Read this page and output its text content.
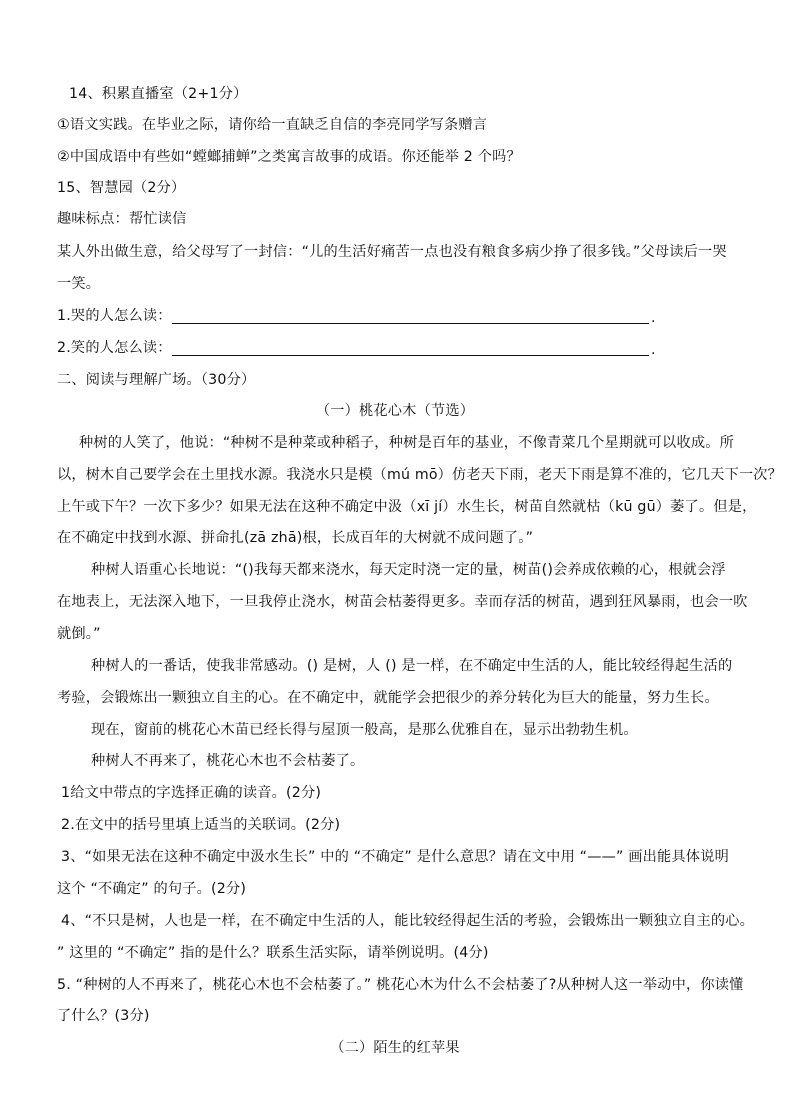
14、积累直播室（2+1分）
①语文实践。在毕业之际，请你给一直缺乏自信的李亮同学写条赠言
②中国成语中有些如“螳螂捕蝉”之类寓言故事的成语。你还能举 2 个吗？
15、智慧园（2分）
趣味标点：帮忙读信
某人外出做生意，给父母写了一封信：“儿的生活好痛苦一点也没有粮食多病少挣了很多钱。”父母读后一哭
一笑。
1.哭的人怎么读：	.
2.笑的人怎么读：	.
二、阅读与理解广场。（30分）
（一）桃花心木（节选）
种树的人笑了，他说：“种树不是种菜或种稻子，种树是百年的基业，不像青菜几个星期就可以收成。所
以，树木自己要学会在土里找水源。我浇水只是模（mú mō）仿老天下雨，老天下雨是算不准的，它几天下一次？
上午或下午？一次下多少？如果无法在这种不确定中汲（xī jí）水生长，树苗自然就枯（kū gū）萎了。但是，
在不确定中找到水源、拼命扎(zā zhā)根，长成百年的大树就不成问题了。”
种树人语重心长地说：“()我每天都来浇水，每天定时浇一定的量，树苗()会养成依赖的心，根就会浮
在地表上，无法深入地下，一旦我停止浇水，树苗会枯萎得更多。幸而存活的树苗，遇到狂风暴雨，也会一吹
就倒。”
种树人的一番话，使我非常感动。() 是树，人 () 是一样，在不确定中生活的人，能比较经得起生活的
考验，会锻炼出一颗独立自主的心。在不确定中，就能学会把很少的养分转化为巨大的能量，努力生长。
现在，窗前的桃花心木苗已经长得与屋顶一般高，是那么优雅自在，显示出勃勃生机。
种树人不再来了，桃花心木也不会枯萎了。
1给文中带点的字选择正确的读音。(2分)
2.在文中的括号里填上适当的关联词。(2分)
3、“如果无法在这种不确定中汲水生长” 中的 “不确定” 是什么意思？请在文中用 “——” 画出能具体说明
这个 “不确定” 的句子。(2分)
4、“不只是树，人也是一样，在不确定中生活的人，能比较经得起生活的考验，会锻炼出一颗独立自主的心。
” 这里的 “不确定” 指的是什么？联系生活实际，请举例说明。(4分)
5. “种树的人不再来了，桃花心木也不会枯萎了。” 桃花心木为什么不会枯萎了?从种树人这一举动中，你读懂
了什么？(3分)
（二）陌生的红苹果
